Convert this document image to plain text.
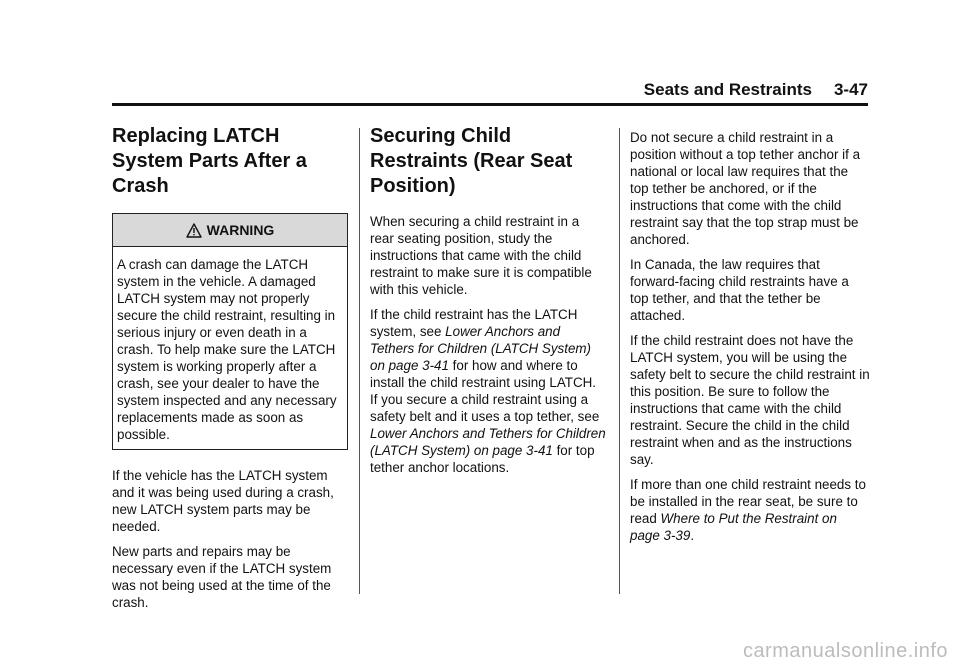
Seats and Restraints 3-47
Replacing LATCH System Parts After a Crash
WARNING
A crash can damage the LATCH system in the vehicle. A damaged LATCH system may not properly secure the child restraint, resulting in serious injury or even death in a crash. To help make sure the LATCH system is working properly after a crash, see your dealer to have the system inspected and any necessary replacements made as soon as possible.

If the vehicle has the LATCH system and it was being used during a crash, new LATCH system parts may be needed.

New parts and repairs may be necessary even if the LATCH system was not being used at the time of the crash.

Securing Child Restraints (Rear Seat Position)

When securing a child restraint in a rear seating position, study the instructions that came with the child restraint to make sure it is compatible with this vehicle.

If the child restraint has the LATCH system, see Lower Anchors and Tethers for Children (LATCH System) on page 3-41 for how and where to install the child restraint using LATCH. If you secure a child restraint using a safety belt and it uses a top tether, see Lower Anchors and Tethers for Children (LATCH System) on page 3-41 for top tether anchor locations.

Do not secure a child restraint in a position without a top tether anchor if a national or local law requires that the top tether be anchored, or if the instructions that come with the child restraint say that the top strap must be anchored.

In Canada, the law requires that forward-facing child restraints have a top tether, and that the tether be attached.

If the child restraint does not have the LATCH system, you will be using the safety belt to secure the child restraint in this position. Be sure to follow the instructions that came with the child restraint. Secure the child in the child restraint when and as the instructions say.

If more than one child restraint needs to be installed in the rear seat, be sure to read Where to Put the Restraint on page 3-39.

carmanualsonline.info
